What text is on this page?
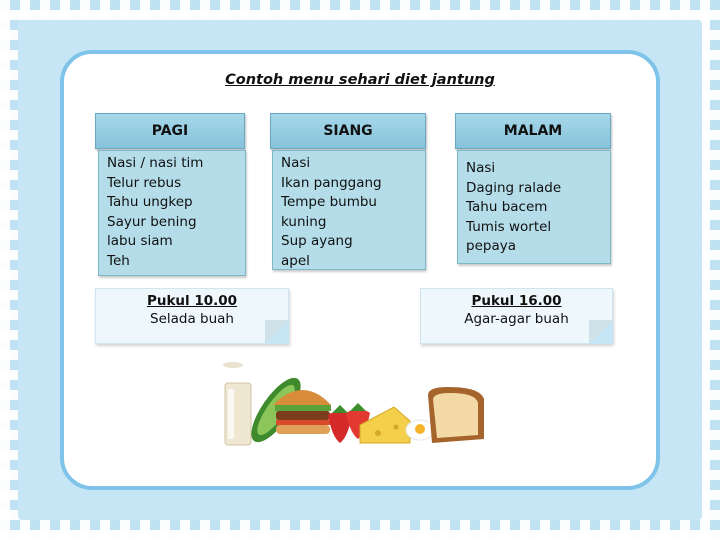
Contoh menu sehari diet jantung
PAGI
Nasi / nasi tim
Telur rebus
Tahu ungkep
Sayur bening
labu siam
Teh
SIANG
Nasi
Ikan panggang
Tempe bumbu
kuning
Sup ayang
apel
MALAM
Nasi
Daging ralade
Tahu bacem
Tumis wortel
pepaya
Pukul 10.00
Selada buah
Pukul 16.00
Agar-agar buah
